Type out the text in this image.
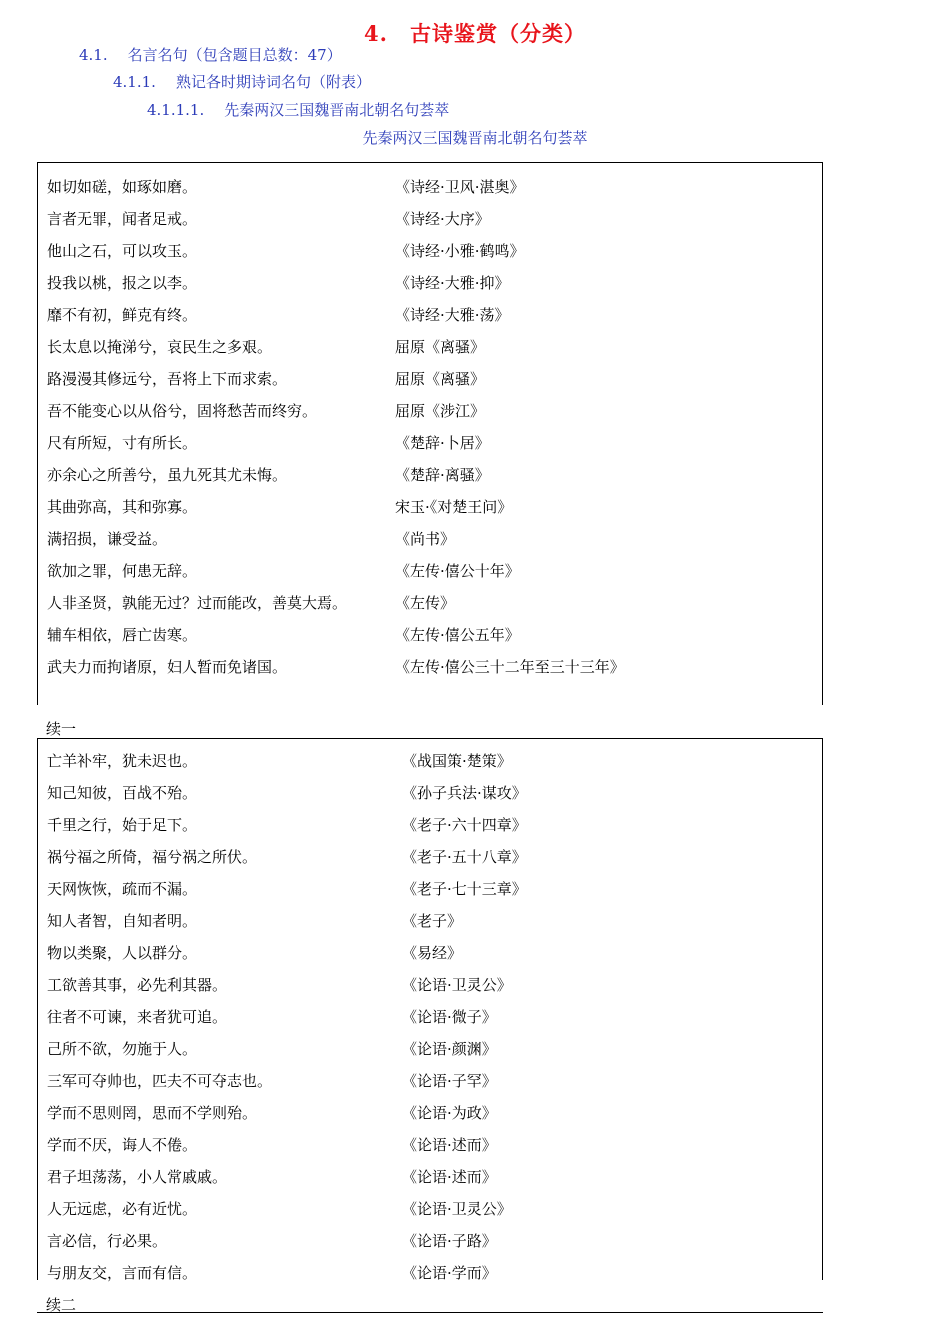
4. 古诗鉴赏（分类）
4.1. 名言名句（包含题目总数：47）
4.1.1. 熟记各时期诗词名句（附表）
4.1.1.1. 先秦两汉三国魏晋南北朝名句荟萃
先秦两汉三国魏晋南北朝名句荟萃
如切如磋，如琢如磨。	《诗经·卫风·湛奥》
言者无罪，闻者足戒。	《诗经·大序》
他山之石，可以攻玉。	《诗经·小雅·鹤鸣》
投我以桃，报之以李。	《诗经·大雅·抑》
靡不有初，鲜克有终。	《诗经·大雅·荡》
长太息以掩涕兮，哀民生之多艰。	屈原《离骚》
路漫漫其修远兮，吾将上下而求索。	屈原《离骚》
吾不能变心以从俗兮，固将愁苦而终穷。	屈原《涉江》
尺有所短，寸有所长。	《楚辞·卜居》
亦余心之所善兮，虽九死其尤未悔。	《楚辞·离骚》
其曲弥高，其和弥寡。	宋玉·《对楚王问》
满招损，谦受益。	《尚书》
欲加之罪，何患无辞。	《左传·僖公十年》
人非圣贤，孰能无过？过而能改，善莫大焉。	《左传》
辅车相依，唇亡齿寒。	《左传·僖公五年》
武夫力而拘诸原，妇人暂而免诸国。	《左传·僖公三十二年至三十三年》
续一
亡羊补牢，犹未迟也。	《战国策·楚策》
知己知彼，百战不殆。	《孙子兵法·谋攻》
千里之行，始于足下。	《老子·六十四章》
祸兮福之所倚，福兮祸之所伏。	《老子·五十八章》
天网恢恢，疏而不漏。	《老子·七十三章》
知人者智，自知者明。	《老子》
物以类聚，人以群分。	《易经》
工欲善其事，必先利其器。	《论语·卫灵公》
往者不可谏，来者犹可追。	《论语·微子》
己所不欲，勿施于人。	《论语·颜渊》
三军可夺帅也，匹夫不可夺志也。	《论语·子罕》
学而不思则罔，思而不学则殆。	《论语·为政》
学而不厌，诲人不倦。	《论语·述而》
君子坦荡荡，小人常戚戚。	《论语·述而》
人无远虑，必有近忧。	《论语·卫灵公》
言必信，行必果。	《论语·子路》
与朋友交，言而有信。	《论语·学而》
续二
